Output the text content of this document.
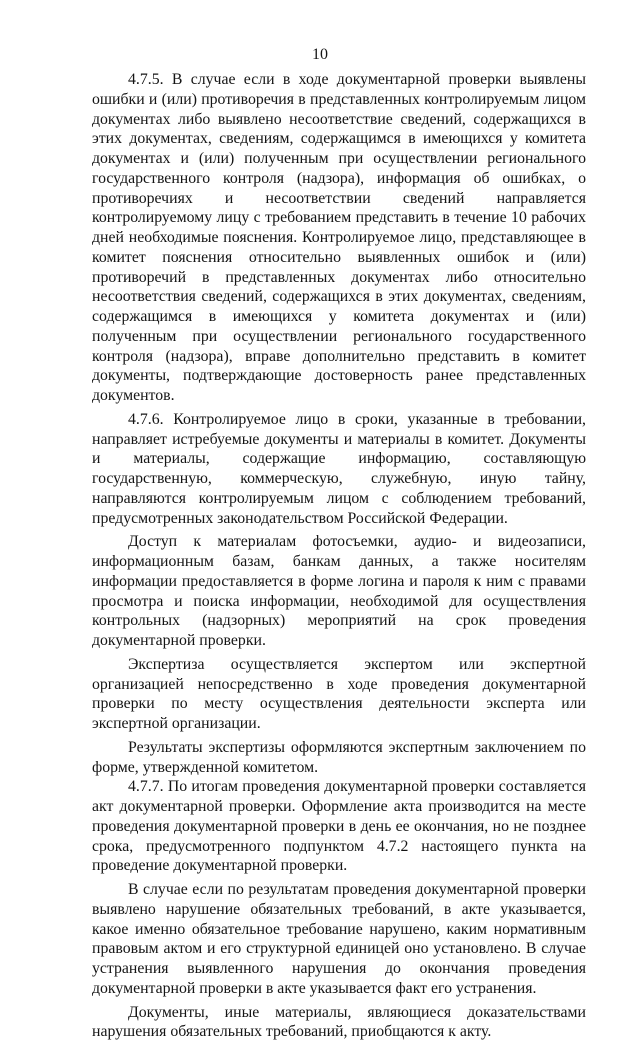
10

4.7.5. В случае если в ходе документарной проверки выявлены ошибки и (или) противоречия в представленных контролируемым лицом документах либо выявлено несоответствие сведений, содержащихся в этих документах, сведениям, содержащимся в имеющихся у комитета документах и (или) полученным при осуществлении регионального государственного контроля (надзора), информация об ошибках, о противоречиях и несоответствии сведений направляется контролируемому лицу с требованием представить в течение 10 рабочих дней необходимые пояснения. Контролируемое лицо, представляющее в комитет пояснения относительно выявленных ошибок и (или) противоречий в представленных документах либо относительно несоответствия сведений, содержащихся в этих документах, сведениям, содержащимся в имеющихся у комитета документах и (или) полученным при осуществлении регионального государственного контроля (надзора), вправе дополнительно представить в комитет документы, подтверждающие достоверность ранее представленных документов.

4.7.6. Контролируемое лицо в сроки, указанные в требовании, направляет истребуемые документы и материалы в комитет. Документы и материалы, содержащие информацию, составляющую государственную, коммерческую, служебную, иную тайну, направляются контролируемым лицом с соблюдением требований, предусмотренных законодательством Российской Федерации.

Доступ к материалам фотосъемки, аудио- и видеозаписи, информационным базам, банкам данных, а также носителям информации предоставляется в форме логина и пароля к ним с правами просмотра и поиска информации, необходимой для осуществления контрольных (надзорных) мероприятий на срок проведения документарной проверки.

Экспертиза осуществляется экспертом или экспертной организацией непосредственно в ходе проведения документарной проверки по месту осуществления деятельности эксперта или экспертной организации.

Результаты экспертизы оформляются экспертным заключением по форме, утвержденной комитетом.

4.7.7. По итогам проведения документарной проверки составляется акт документарной проверки. Оформление акта производится на месте проведения документарной проверки в день ее окончания, но не позднее срока, предусмотренного подпунктом 4.7.2 настоящего пункта на проведение документарной проверки.

В случае если по результатам проведения документарной проверки выявлено нарушение обязательных требований, в акте указывается, какое именно обязательное требование нарушено, каким нормативным правовым актом и его структурной единицей оно установлено. В случае устранения выявленного нарушения до окончания проведения документарной проверки в акте указывается факт его устранения.

Документы, иные материалы, являющиеся доказательствами нарушения обязательных требований, приобщаются к акту.
